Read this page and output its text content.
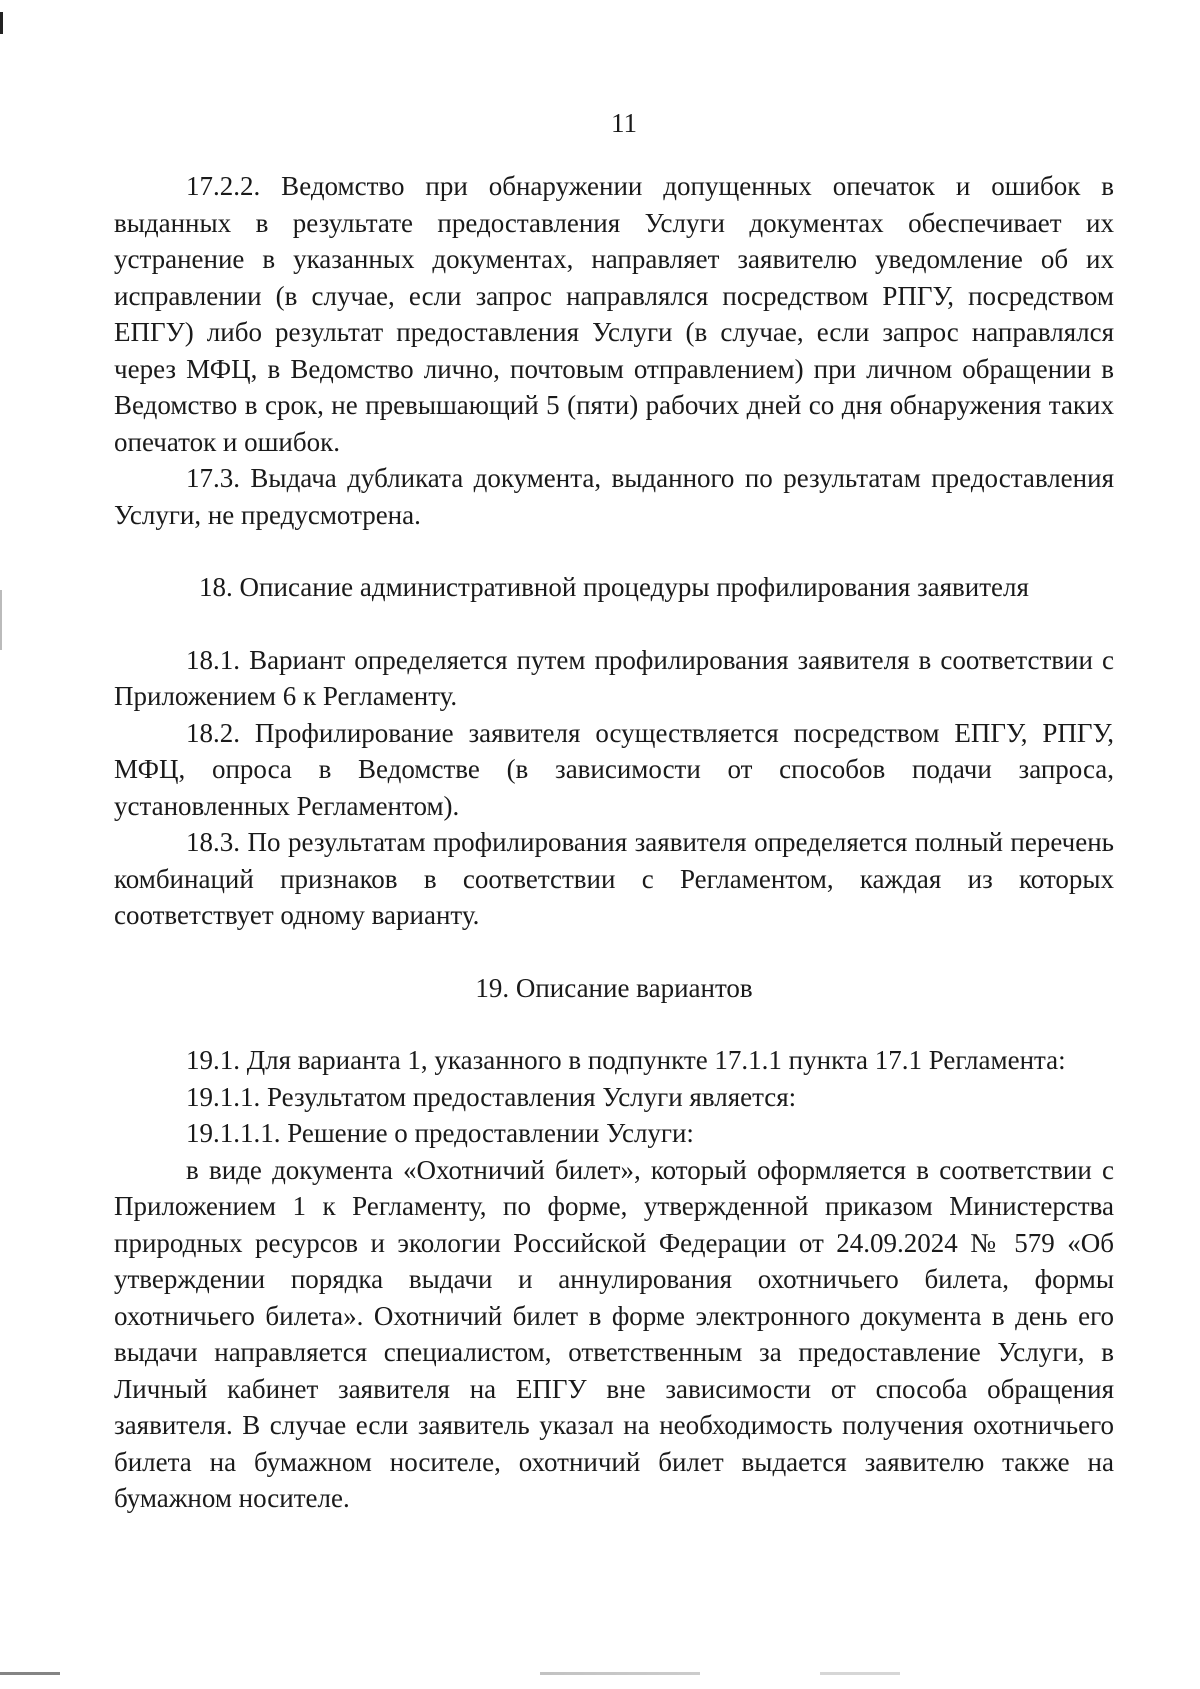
11

17.2.2. Ведомство при обнаружении допущенных опечаток и ошибок в выданных в результате предоставления Услуги документах обеспечивает их устранение в указанных документах, направляет заявителю уведомление об их исправлении (в случае, если запрос направлялся посредством РПГУ, посредством ЕПГУ) либо результат предоставления Услуги (в случае, если запрос направлялся через МФЦ, в Ведомство лично, почтовым отправлением) при личном обращении в Ведомство в срок, не превышающий 5 (пяти) рабочих дней со дня обнаружения таких опечаток и ошибок.

17.3. Выдача дубликата документа, выданного по результатам предоставления Услуги, не предусмотрена.

18. Описание административной процедуры профилирования заявителя

18.1. Вариант определяется путем профилирования заявителя в соответствии с Приложением 6 к Регламенту.

18.2. Профилирование заявителя осуществляется посредством ЕПГУ, РПГУ, МФЦ, опроса в Ведомстве (в зависимости от способов подачи запроса, установленных Регламентом).

18.3. По результатам профилирования заявителя определяется полный перечень комбинаций признаков в соответствии с Регламентом, каждая из которых соответствует одному варианту.

19. Описание вариантов

19.1. Для варианта 1, указанного в подпункте 17.1.1 пункта 17.1 Регламента:

19.1.1. Результатом предоставления Услуги является:

19.1.1.1. Решение о предоставлении Услуги:

в виде документа «Охотничий билет», который оформляется в соответствии с Приложением 1 к Регламенту, по форме, утвержденной приказом Министерства природных ресурсов и экологии Российской Федерации от 24.09.2024 № 579 «Об утверждении порядка выдачи и аннулирования охотничьего билета, формы охотничьего билета». Охотничий билет в форме электронного документа в день его выдачи направляется специалистом, ответственным за предоставление Услуги, в Личный кабинет заявителя на ЕПГУ вне зависимости от способа обращения заявителя. В случае если заявитель указал на необходимость получения охотничьего билета на бумажном носителе, охотничий билет выдается заявителю также на бумажном носителе.
